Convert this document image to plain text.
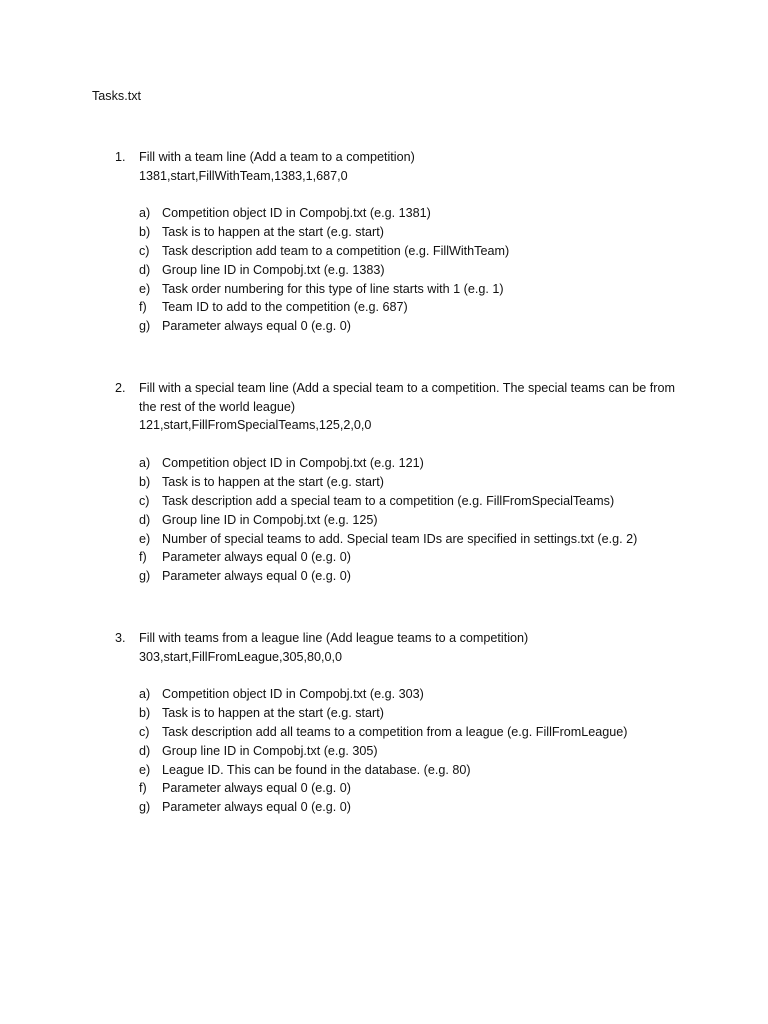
Tasks.txt
1. Fill with a team line (Add a team to a competition)
1381,start,FillWithTeam,1383,1,687,0
a) Competition object ID in Compobj.txt (e.g. 1381)
b) Task is to happen at the start (e.g. start)
c) Task description add team to a competition (e.g. FillWithTeam)
d) Group line ID in Compobj.txt (e.g. 1383)
e) Task order numbering for this type of line starts with 1 (e.g. 1)
f) Team ID to add to the competition (e.g. 687)
g) Parameter always equal 0 (e.g. 0)
2. Fill with a special team line (Add a special team to a competition. The special teams can be from the rest of the world league)
121,start,FillFromSpecialTeams,125,2,0,0
a) Competition object ID in Compobj.txt (e.g. 121)
b) Task is to happen at the start (e.g. start)
c) Task description add a special team to a competition (e.g. FillFromSpecialTeams)
d) Group line ID in Compobj.txt (e.g. 125)
e) Number of special teams to add. Special team IDs are specified in settings.txt (e.g. 2)
f) Parameter always equal 0 (e.g. 0)
g) Parameter always equal 0 (e.g. 0)
3. Fill with teams from a league line (Add league teams to a competition)
303,start,FillFromLeague,305,80,0,0
a) Competition object ID in Compobj.txt (e.g. 303)
b) Task is to happen at the start (e.g. start)
c) Task description add all teams to a competition from a league (e.g. FillFromLeague)
d) Group line ID in Compobj.txt (e.g. 305)
e) League ID. This can be found in the database. (e.g. 80)
f) Parameter always equal 0 (e.g. 0)
g) Parameter always equal 0 (e.g. 0)
